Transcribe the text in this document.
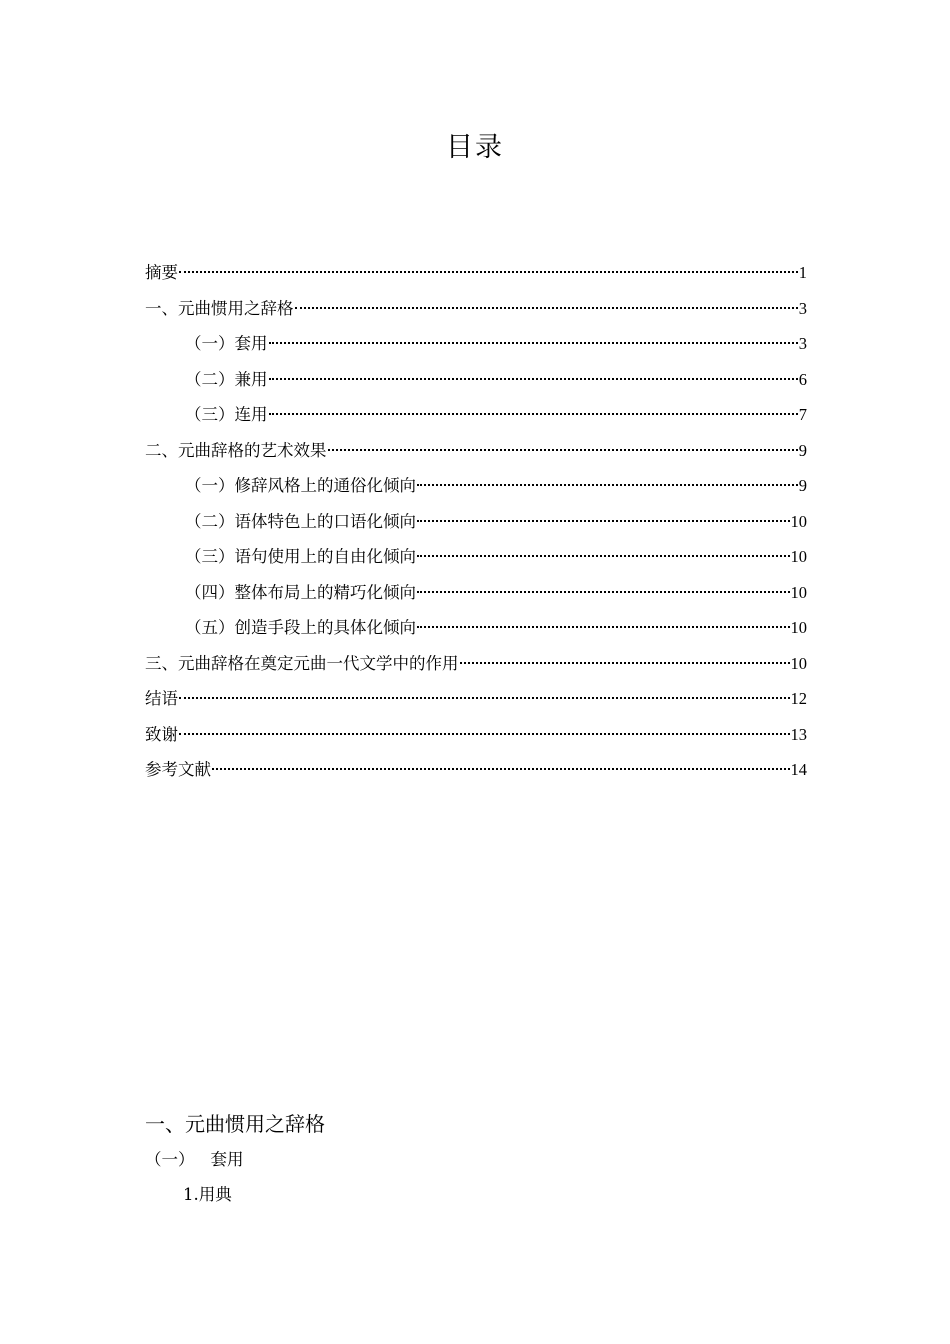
目录
摘要	1
一、元曲惯用之辞格	3
（一）套用	3
（二）兼用	6
（三）连用	7
二、元曲辞格的艺术效果	9
（一）修辞风格上的通俗化倾向	9
（二）语体特色上的口语化倾向	10
（三）语句使用上的自由化倾向	10
（四）整体布局上的精巧化倾向	10
（五）创造手段上的具体化倾向	10
三、元曲辞格在奠定元曲一代文学中的作用	10
结语	12
致谢	13
参考文献	14
一、元曲惯用之辞格
（一） 套用
1.用典
